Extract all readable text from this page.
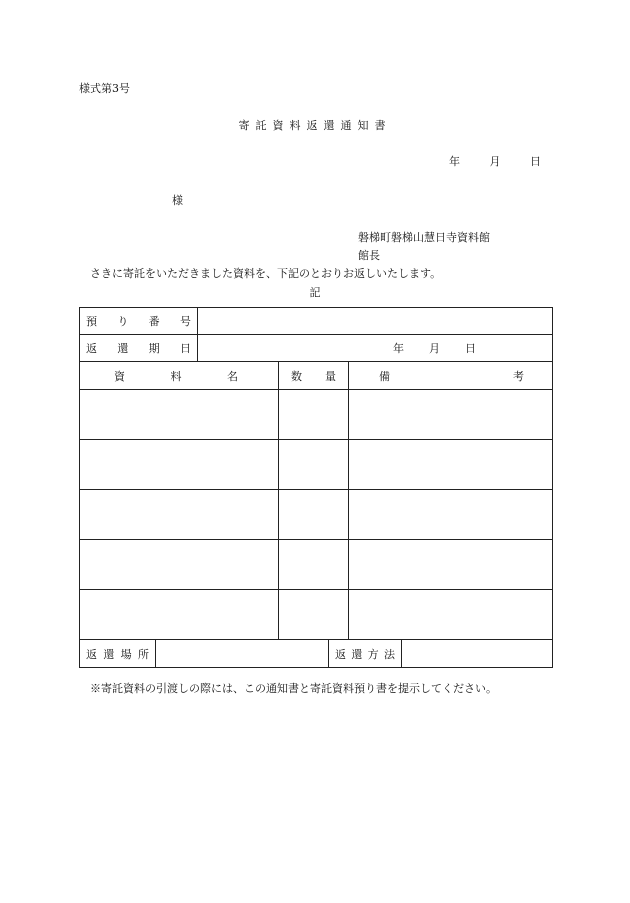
様式第3号
寄託資料返還通知書
年	月	日
様
磐梯町磐梯山慧日寺資料館
館長
さきに寄託をいただきました資料を、下記のとおりお返しいたします。
記
預 り 番 号						

返 還 期 日		年 月 日				

資 料 名			数 量		備 考	

返 還 場 所				返 還 方 法		

※寄託資料の引渡しの際には、この通知書と寄託資料預り書を提示してください。
